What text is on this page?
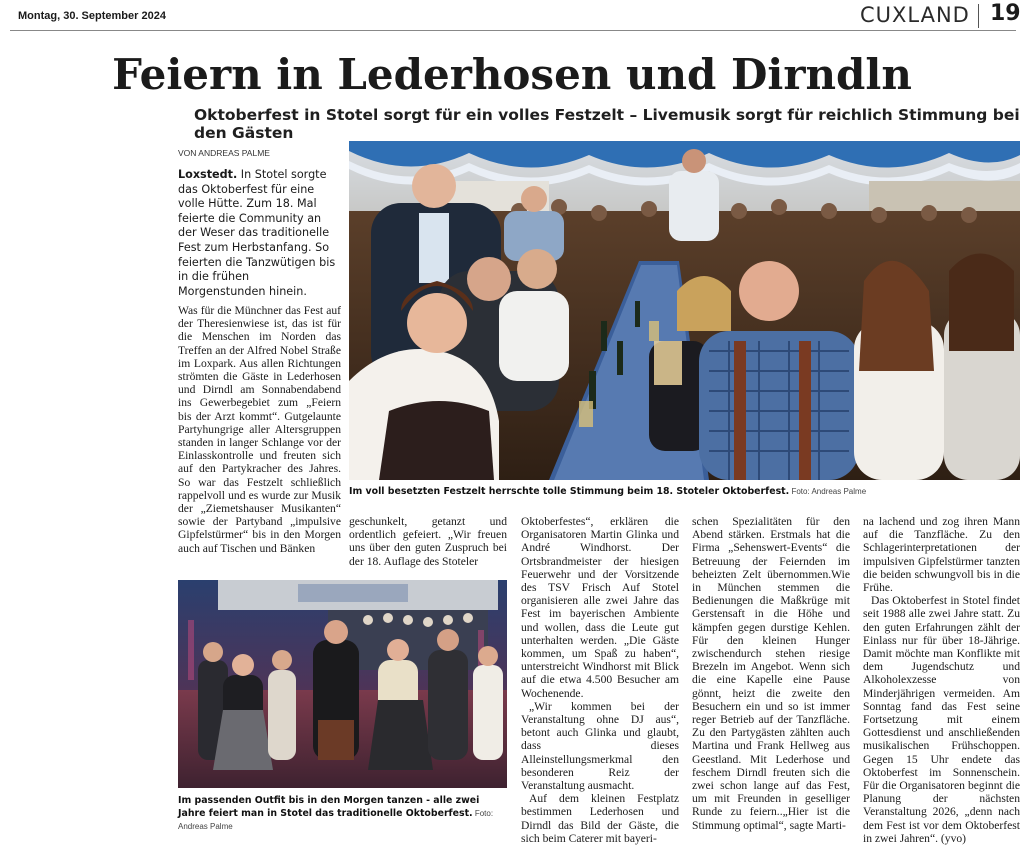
Montag, 30. September 2024	CUXLAND 19
Feiern in Lederhosen und Dirndln
Oktoberfest in Stotel sorgt für ein volles Festzelt – Livemusik sorgt für reichlich Stimmung bei den Gästen
VON ANDREAS PALME
Loxstedt. In Stotel sorgte das Oktoberfest für eine volle Hütte. Zum 18. Mal feierte die Community an der Weser das traditionelle Fest zum Herbstanfang. So feierten die Tanzwütigen bis in die frühen Morgenstunden hinein.

Was für die Münchner das Fest auf der Theresienwiese ist, das ist für die Menschen im Norden das Treffen an der Alfred Nobel Straße im Loxpark. Aus allen Richtungen strömten die Gäste in Lederhosen und Dirndl am Sonnabendabend ins Gewerbegebiet zum „Feiern bis der Arzt kommt“. Gutgelaunte Partyhungrige aller Altersgruppen standen in langer Schlange vor der Einlasskontrolle und freuten sich auf den Partykracher des Jahres. So war das Festzelt schließlich rappelvoll und es wurde zur Musik der „Ziemetshauser Musikanten“ sowie der Partyband „impulsive Gipfelstürmer“ bis in den Morgen auch auf Tischen und Bänken

Im voll besetzten Festzelt herrschte tolle Stimmung beim 18. Stoteler Oktoberfest. Foto: Andreas Palme

geschunkelt, getanzt und ordentlich gefeiert. „Wir freuen uns über den guten Zuspruch bei der 18. Auflage des Stoteler

Im passenden Outfit bis in den Morgen tanzen - alle zwei Jahre feiert man in Stotel das traditionelle Oktoberfest. Foto: Andreas Palme

Oktoberfestes“, erklären die Organisatoren Martin Glinka und André Windhorst. Der Ortsbrandmeister der hiesigen Feuerwehr und der Vorsitzende des TSV Frisch Auf Stotel organisieren alle zwei Jahre das Fest im bayerischen Ambiente und wollen, dass die Leute gut unterhalten werden. „Die Gäste kommen, um Spaß zu haben“, unterstreicht Windhorst mit Blick auf die etwa 4.500 Besucher am Wochenende.

„Wir kommen bei der Veranstaltung ohne DJ aus“, betont auch Glinka und glaubt, dass dieses Alleinstellungsmerkmal den besonderen Reiz der Veranstaltung ausmacht.

Auf dem kleinen Festplatz bestimmen Lederhosen und Dirndl das Bild der Gäste, die sich beim Caterer mit bayeri-

schen Spezialitäten für den Abend stärken. Erstmals hat die Firma „Sehenswert-Events“ die Betreuung der Feiernden im beheizten Zelt übernommen.Wie in München stemmen die Bedienungen die Maßkrüge mit Gerstensaft in die Höhe und kämpfen gegen durstige Kehlen. Für den kleinen Hunger zwischendurch stehen riesige Brezeln im Angebot. Wenn sich die eine Kapelle eine Pause gönnt, heizt die zweite den Besuchern ein und so ist immer reger Betrieb auf der Tanzfläche. Zu den Partygästen zählten auch Martina und Frank Hellweg aus Geestland. Mit Lederhose und feschem Dirndl freuten sich die zwei schon lange auf das Fest, um mit Freunden in geselliger Runde zu feiern..„Hier ist die Stimmung optimal“, sagte Marti-

na lachend und zog ihren Mann auf die Tanzfläche. Zu den Schlagerinterpretationen der impulsiven Gipfelstürmer tanzten die beiden schwungvoll bis in die Frühe.

Das Oktoberfest in Stotel findet seit 1988 alle zwei Jahre statt. Zu den guten Erfahrungen zählt der Einlass nur für über 18-Jährige. Damit möchte man Konflikte mit dem Jugendschutz und Alkoholexzesse von Minderjährigen vermeiden. Am Sonntag fand das Fest seine Fortsetzung mit einem Gottesdienst und anschließenden musikalischen Frühschoppen. Gegen 15 Uhr endete das Oktoberfest im Sonnenschein. Für die Organisatoren beginnt die Planung der nächsten Veranstaltung 2026, „denn nach dem Fest ist vor dem Oktoberfest in zwei Jahren“. (yvo)
